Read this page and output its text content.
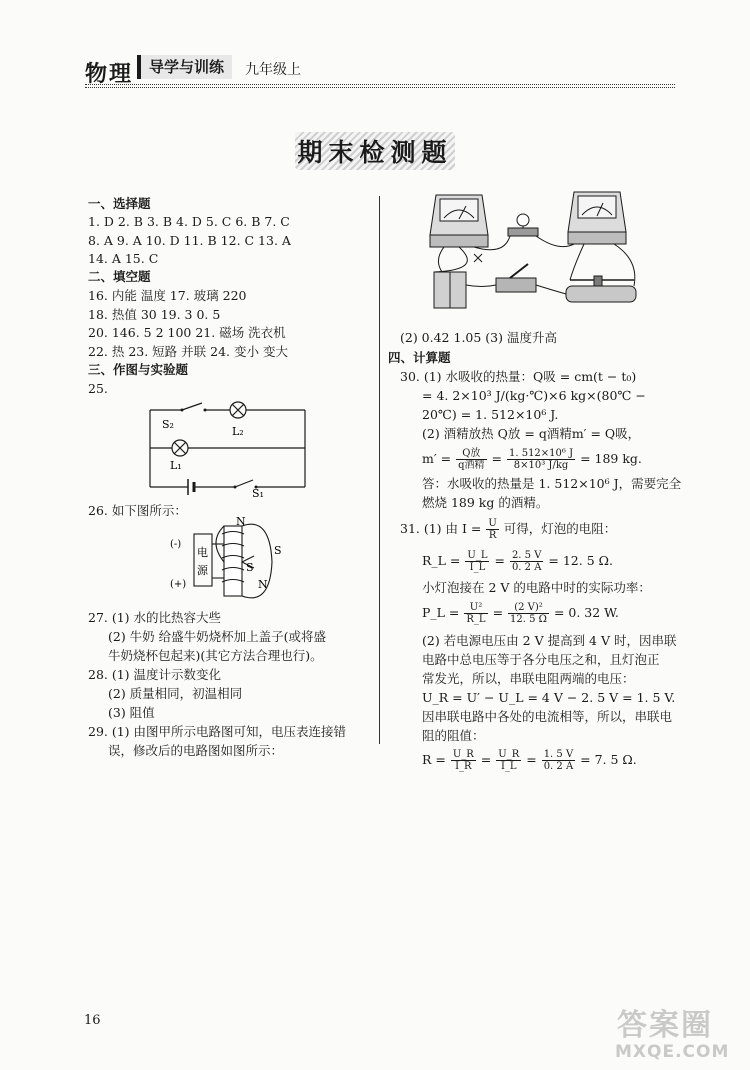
物理	导学与训练	九年级上
期末检测题
一、选择题
1. D 2. B 3. B 4. D 5. C 6. B 7. C
8. A 9. A 10. D 11. B 12. C 13. A
14. A 15. C
二、填空题
16. 内能 温度 17. 玻璃 220
18. 热值 30 19. 3 0. 5
20. 146. 5 2 100 21. 磁场 洗衣机
22. 热 23. 短路 并联 24. 变小 变大
三、作图与实验题
25.
S₂
L₂
L₁
S₁
26. 如下图所示：
(-)
(+)
电
源
N
S
S
N
27. (1) 水的比热容大些
(2) 牛奶 给盛牛奶烧杯加上盖子(或将盛
牛奶烧杯包起来)(其它方法合理也行)。
28. (1) 温度计示数变化
(2) 质量相同，初温相同
(3) 阻值
29. (1) 由图甲所示电路图可知，电压表连接错
误，修改后的电路图如图所示：
(2) 0.42 1.05 (3) 温度升高
四、计算题
30. (1) 水吸收的热量：Q吸 = cm(t − t₀)
= 4. 2×10³ J/(kg·℃)×6 kg×(80℃ −
20℃) = 1. 512×10⁶ J.
(2) 酒精放热 Q放 = q酒精m′ = Q吸，
$m' = \frac{\text{Q放}}{\text{q酒精}} = \frac{\text{1. 512×10⁶ J}}{\text{8×10³ J/kg}} = 189$ kg.
答：水吸收的热量是 1. 512×10⁶ J，需要完全
燃烧 189 kg 的酒精。
31. (1) 由 $I = \frac{U}{R}$ 可得，灯泡的电阻：
R_L = $\frac{U\_L}{I\_L} = \frac{2. 5 V}{0. 2 A} = 12$. 5 Ω.
小灯泡接在 2 V 的电路中时的实际功率：
P_L = $\frac{\text{U²}}{R\_L} = \frac{\text{(2 V)²}}{12. 5 \Omega} = 0$. 32 W.
(2) 若电源电压由 2 V 提高到 4 V 时，因串联
电路中总电压等于各分电压之和，且灯泡正
常发光，所以，串联电阻两端的电压：
U_R = U′ − U_L = 4 V − 2. 5 V = 1. 5 V.
因串联电路中各处的电流相等，所以，串联电
阻的阻值：
$R = \frac{U\_R}{I\_R} = \frac{U\_R}{I\_L} = \frac{1. 5 V}{0. 2 A} = 7$. 5 Ω.
16	答案圈
MXQE.COM
